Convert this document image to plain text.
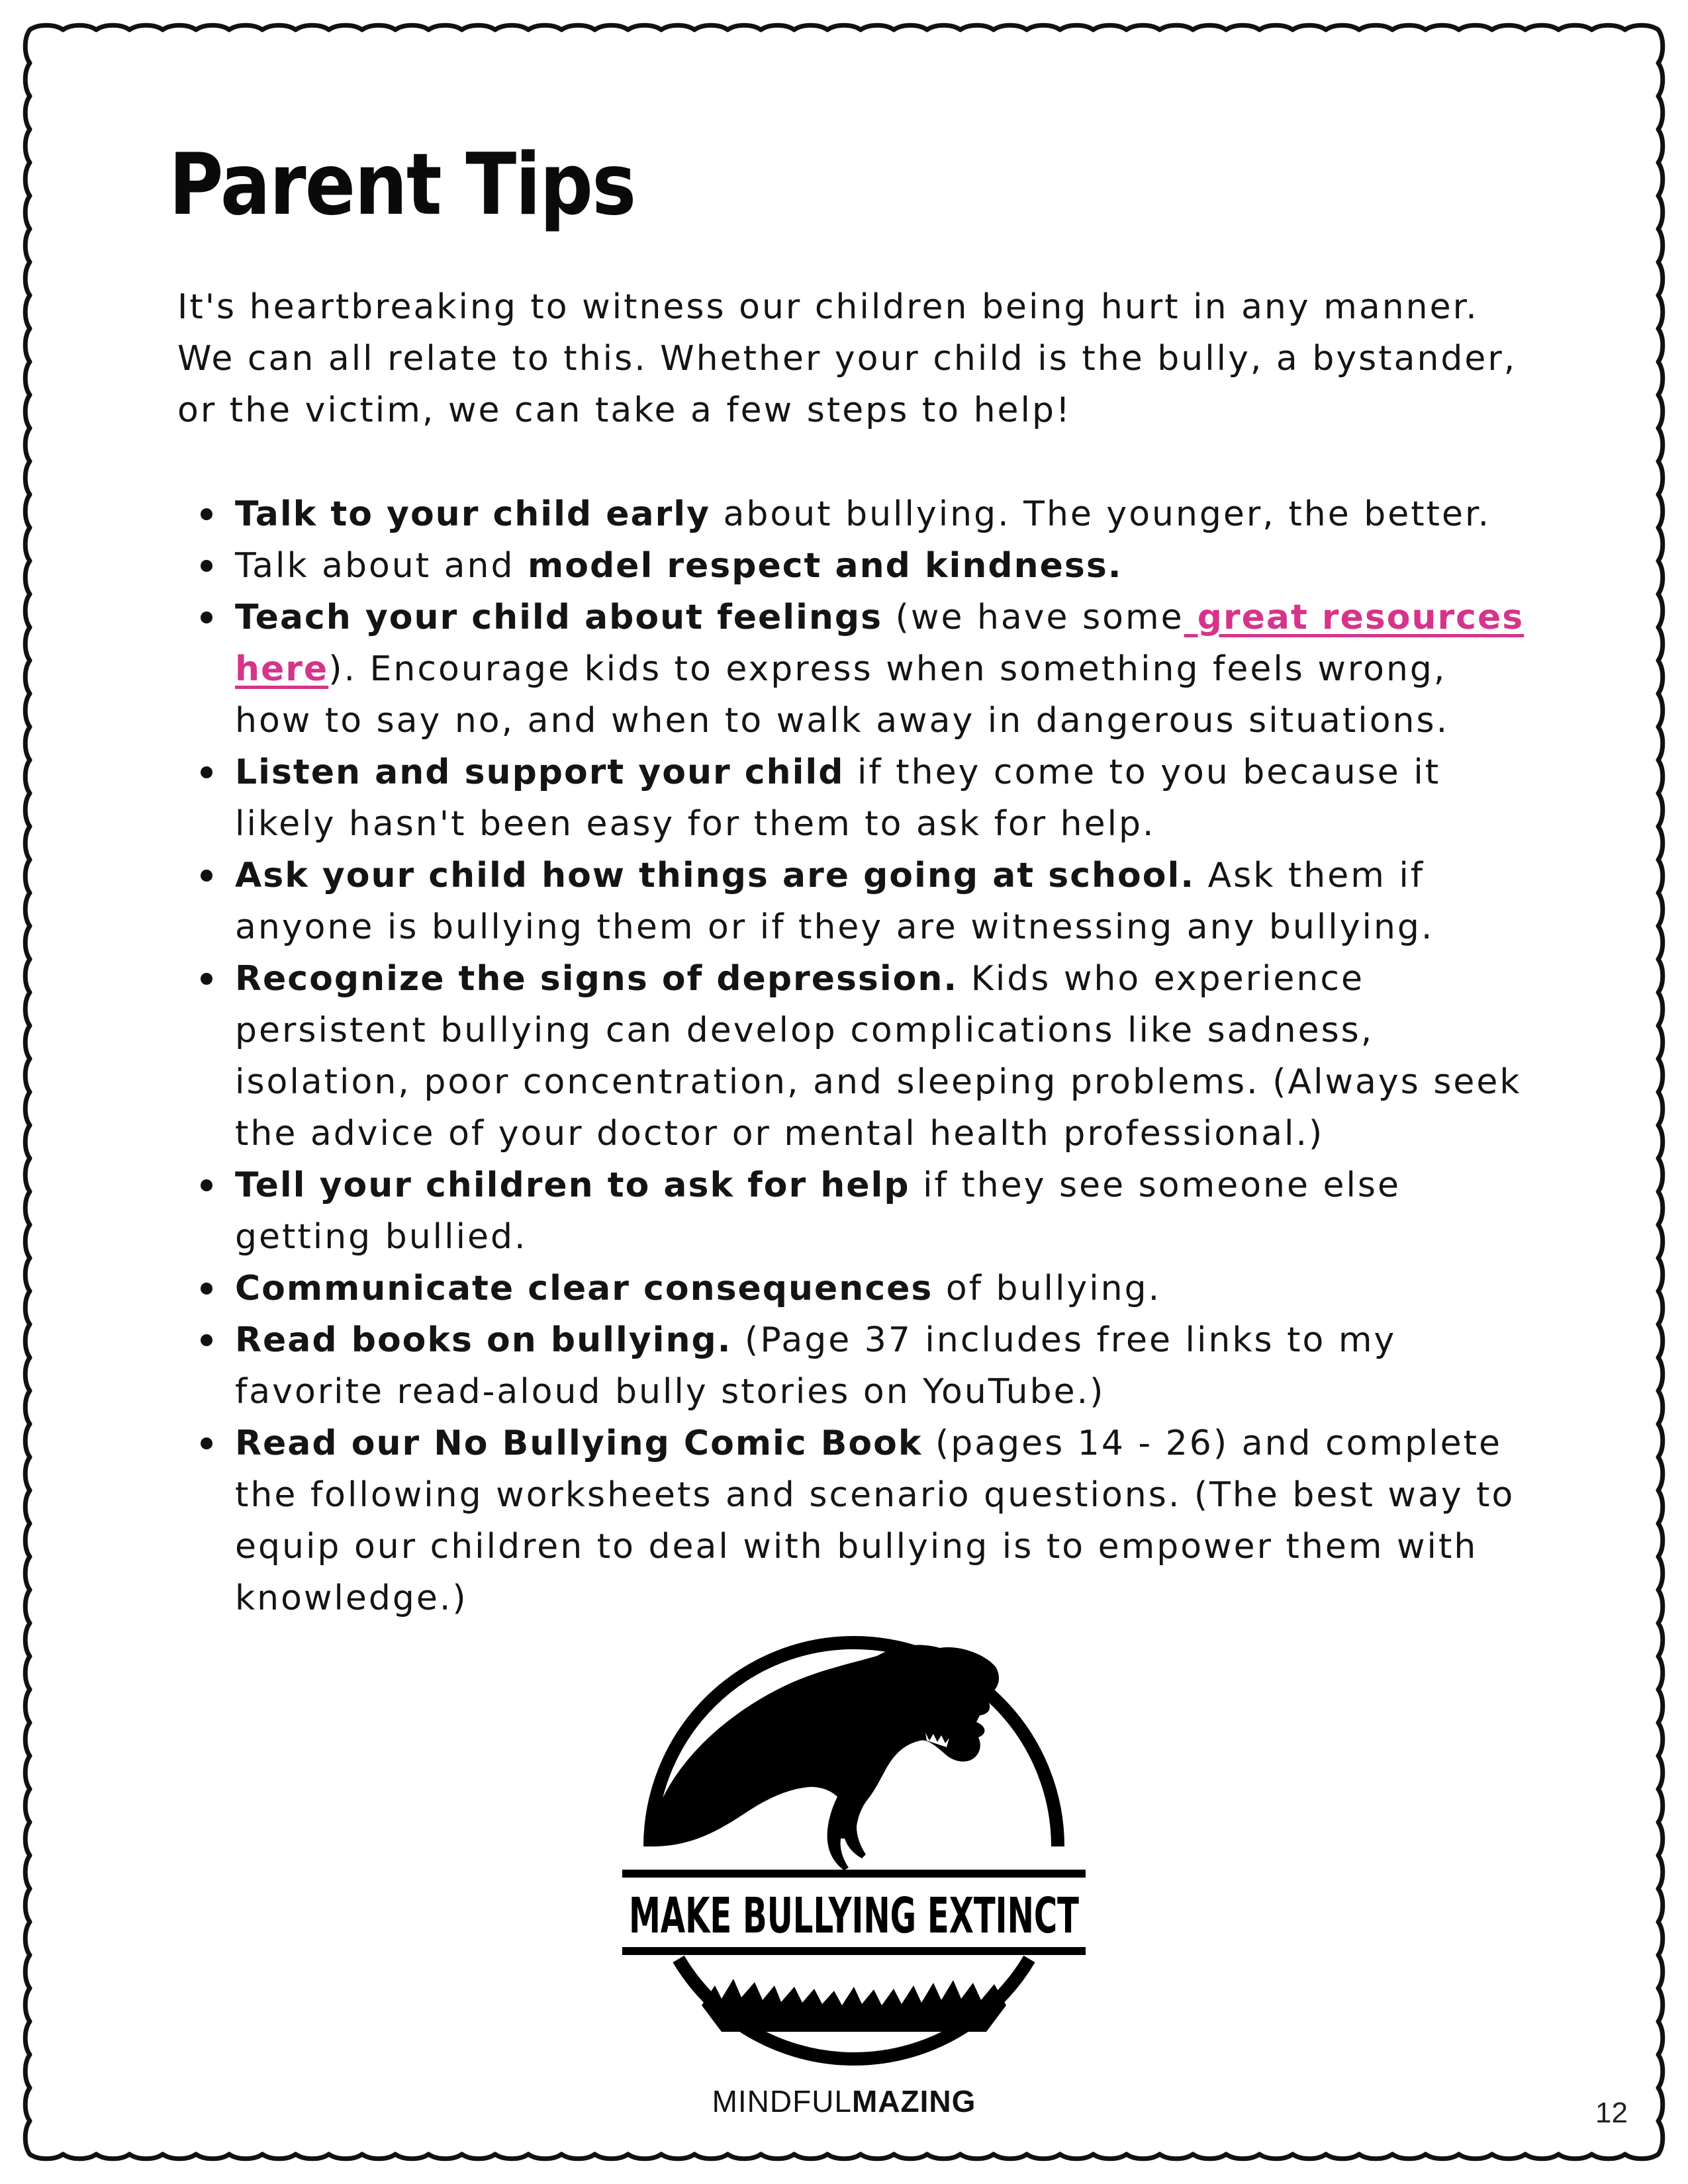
Parent Tips

It's heartbreaking to witness our children being hurt in any manner. We can all relate to this. Whether your child is the bully, a bystander, or the victim, we can take a few steps to help!

Talk to your child early about bullying. The younger, the better.
Talk about and model respect and kindness.
Teach your child about feelings (we have some great resources here). Encourage kids to express when something feels wrong, how to say no, and when to walk away in dangerous situations.
Listen and support your child if they come to you because it likely hasn't been easy for them to ask for help.
Ask your child how things are going at school. Ask them if anyone is bullying them or if they are witnessing any bullying.
Recognize the signs of depression. Kids who experience persistent bullying can develop complications like sadness, isolation, poor concentration, and sleeping problems. (Always seek the advice of your doctor or mental health professional.)
Tell your children to ask for help if they see someone else getting bullied.
Communicate clear consequences of bullying.
Read books on bullying. (Page 37 includes free links to my favorite read-aloud bully stories on YouTube.)
Read our No Bullying Comic Book (pages 14 - 26) and complete the following worksheets and scenario questions. (The best way to equip our children to deal with bullying is to empower them with knowledge.)
MAKE BULLYING EXTINCT
MINDFULMAZING	12
